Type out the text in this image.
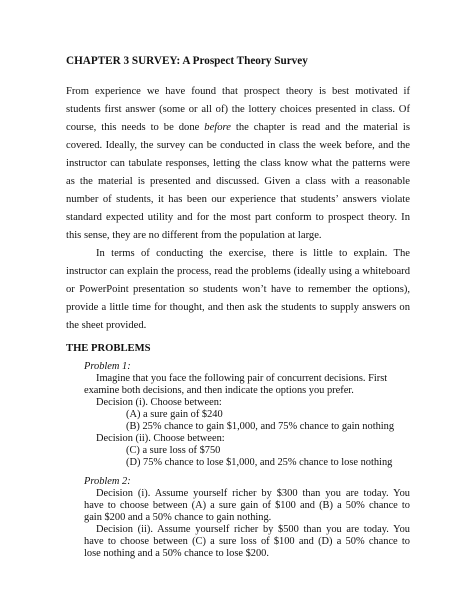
CHAPTER 3 SURVEY: A Prospect Theory Survey
From experience we have found that prospect theory is best motivated if
students first answer (some or all of) the lottery choices presented in class. Of
course, this needs to be done before the chapter is read and the material is
covered. Ideally, the survey can be conducted in class the week before, and the
instructor can tabulate responses, letting the class know what the patterns were
as the material is presented and discussed. Given a class with a reasonable
number of students, it has been our experience that students’ answers violate
standard expected utility and for the most part conform to prospect theory. In
this sense, they are no different from the population at large.
In terms of conducting the exercise, there is little to explain. The
instructor can explain the process, read the problems (ideally using a whiteboard
or PowerPoint presentation so students won’t have to remember the options),
provide a little time for thought, and then ask the students to supply answers on
the sheet provided.
THE PROBLEMS
Problem 1:
Imagine that you face the following pair of concurrent decisions. First
examine both decisions, and then indicate the options you prefer.
Decision (i). Choose between:
(A) a sure gain of $240
(B) 25% chance to gain $1,000, and 75% chance to gain nothing
Decision (ii). Choose between:
(C) a sure loss of $750
(D) 75% chance to lose $1,000, and 25% chance to lose nothing
Problem 2:
Decision (i). Assume yourself richer by $300 than you are today. You
have to choose between (A) a sure gain of $100 and (B) a 50% chance to
gain $200 and a 50% chance to gain nothing.
Decision (ii). Assume yourself richer by $500 than you are today. You
have to choose between (C) a sure loss of $100 and (D) a 50% chance to
lose nothing and a 50% chance to lose $200.
